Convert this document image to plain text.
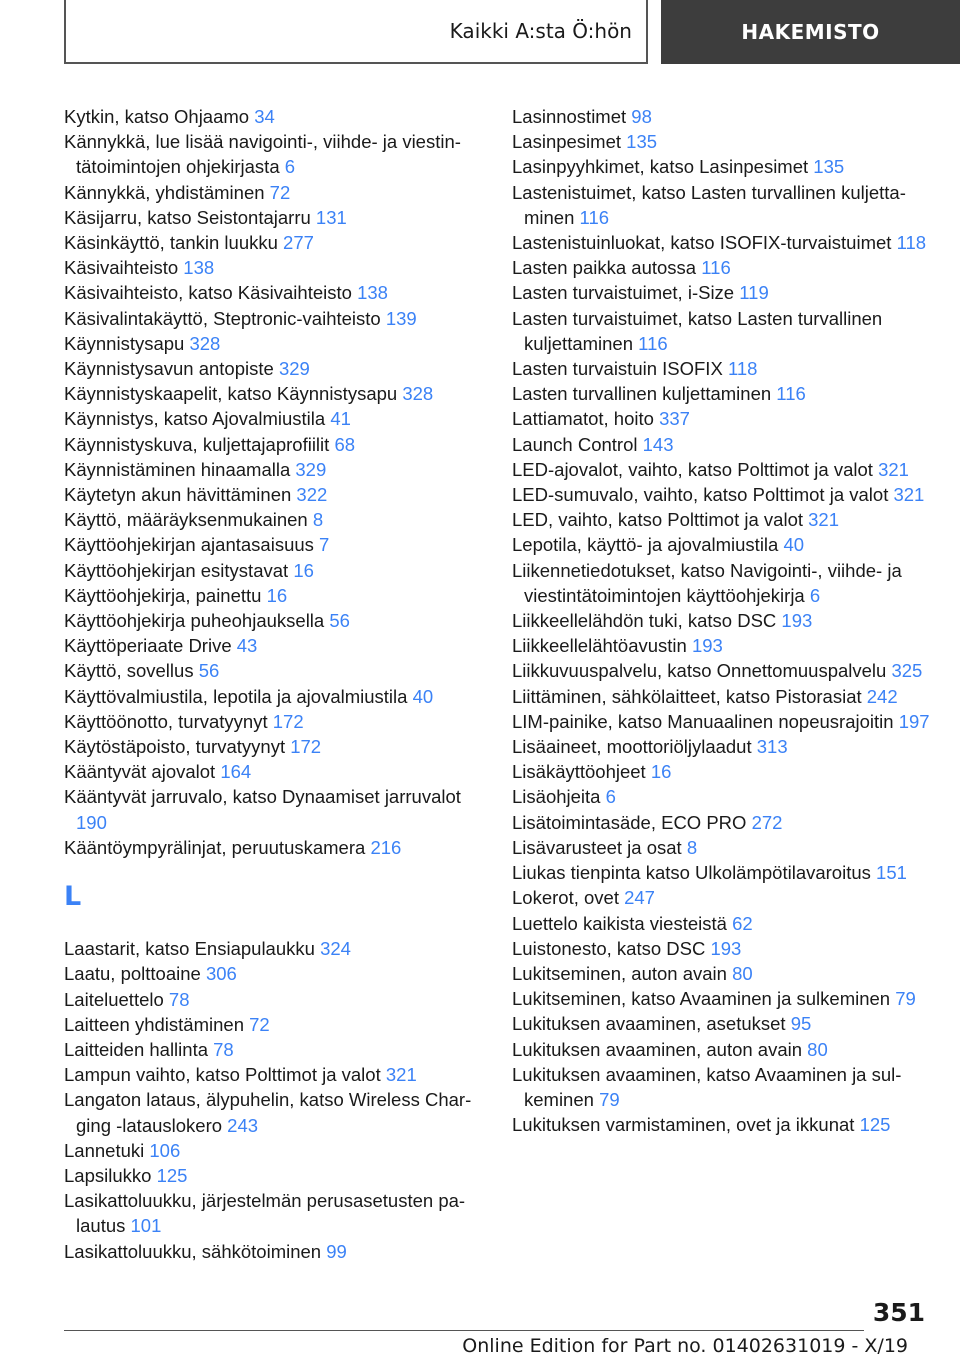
Kaikki A:sta Ö:hön	HAKEMISTO
Kytkin, katso Ohjaamo 34
Kännykkä, lue lisää navigointi-, viihde- ja viestintätoimintojen ohjekirjasta 6
Kännykkä, yhdistäminen 72
Käsijarru, katso Seistontajarru 131
Käsinkäyttö, tankin luukku 277
Käsivaihteisto 138
Käsivaihteisto, katso Käsivaihteisto 138
Käsivalintakäyttö, Steptronic-vaihteisto 139
Käynnistysapu 328
Käynnistysavun antopiste 329
Käynnistyskaapelit, katso Käynnistysapu 328
Käynnistys, katso Ajovalmiustila 41
Käynnistyskuva, kuljettajaprofiilit 68
Käynnistäminen hinaamalla 329
Käytetyn akun hävittäminen 322
Käyttö, määräyksenmukainen 8
Käyttöohjekirjan ajantasaisuus 7
Käyttöohjekirjan esitystavat 16
Käyttöohjekirja, painettu 16
Käyttöohjekirja puheohjauksella 56
Käyttöperiaate Drive 43
Käyttö, sovellus 56
Käyttövalmiustila, lepotila ja ajovalmiustila 40
Käyttöönotto, turvatyynyt 172
Käytöstäpoisto, turvatyynyt 172
Kääntyvät ajovalot 164
Kääntyvät jarruvalo, katso Dynaamiset jarruvalot 190
Kääntöympyrälinjat, peruutuskamera 216
L
Laastarit, katso Ensiapulaukku 324
Laatu, polttoaine 306
Laiteluettelo 78
Laitteen yhdistäminen 72
Laitteiden hallinta 78
Lampun vaihto, katso Polttimot ja valot 321
Langaton lataus, älypuhelin, katso Wireless Charging -latauslokero 243
Lannetuki 106
Lapsilukko 125
Lasikattoluukku, järjestelmän perusasetusten palautus 101
Lasikattoluukku, sähkötoiminen 99
Lasinnostimet 98
Lasinpesimet 135
Lasinpyyhkimet, katso Lasinpesimet 135
Lastenistuimet, katso Lasten turvallinen kuljettaminen 116
Lastenistuinluokat, katso ISOFIX-turvaistuimet 118
Lasten paikka autossa 116
Lasten turvaistuimet, i-Size 119
Lasten turvaistuimet, katso Lasten turvallinen kuljettaminen 116
Lasten turvaistuin ISOFIX 118
Lasten turvallinen kuljettaminen 116
Lattiamatot, hoito 337
Launch Control 143
LED-ajovalot, vaihto, katso Polttimot ja valot 321
LED-sumuvalo, vaihto, katso Polttimot ja valot 321
LED, vaihto, katso Polttimot ja valot 321
Lepotila, käyttö- ja ajovalmiustila 40
Liikennetiedotukset, katso Navigointi-, viihde- ja viestintätoimintojen käyttöohjekirja 6
Liikkeellelähdön tuki, katso DSC 193
Liikkeellelähtöavustin 193
Liikkuvuuspalvelu, katso Onnettomuuspalvelu 325
Liittäminen, sähkölaitteet, katso Pistorasiat 242
LIM-painike, katso Manuaalinen nopeusrajoitin 197
Lisäaineet, moottoriöljylaadut 313
Lisäkäyttöohjeet 16
Lisäohjeita 6
Lisätoimintasäde, ECO PRO 272
Lisävarusteet ja osat 8
Liukas tienpinta katso Ulkolämpötilavaroitus 151
Lokerot, ovet 247
Luettelo kaikista viesteistä 62
Luistonesto, katso DSC 193
Lukitseminen, auton avain 80
Lukitseminen, katso Avaaminen ja sulkeminen 79
Lukituksen avaaminen, asetukset 95
Lukituksen avaaminen, auton avain 80
Lukituksen avaaminen, katso Avaaminen ja sulkeminen 79
Lukituksen varmistaminen, ovet ja ikkunat 125
351
Online Edition for Part no. 01402631019 - X/19
